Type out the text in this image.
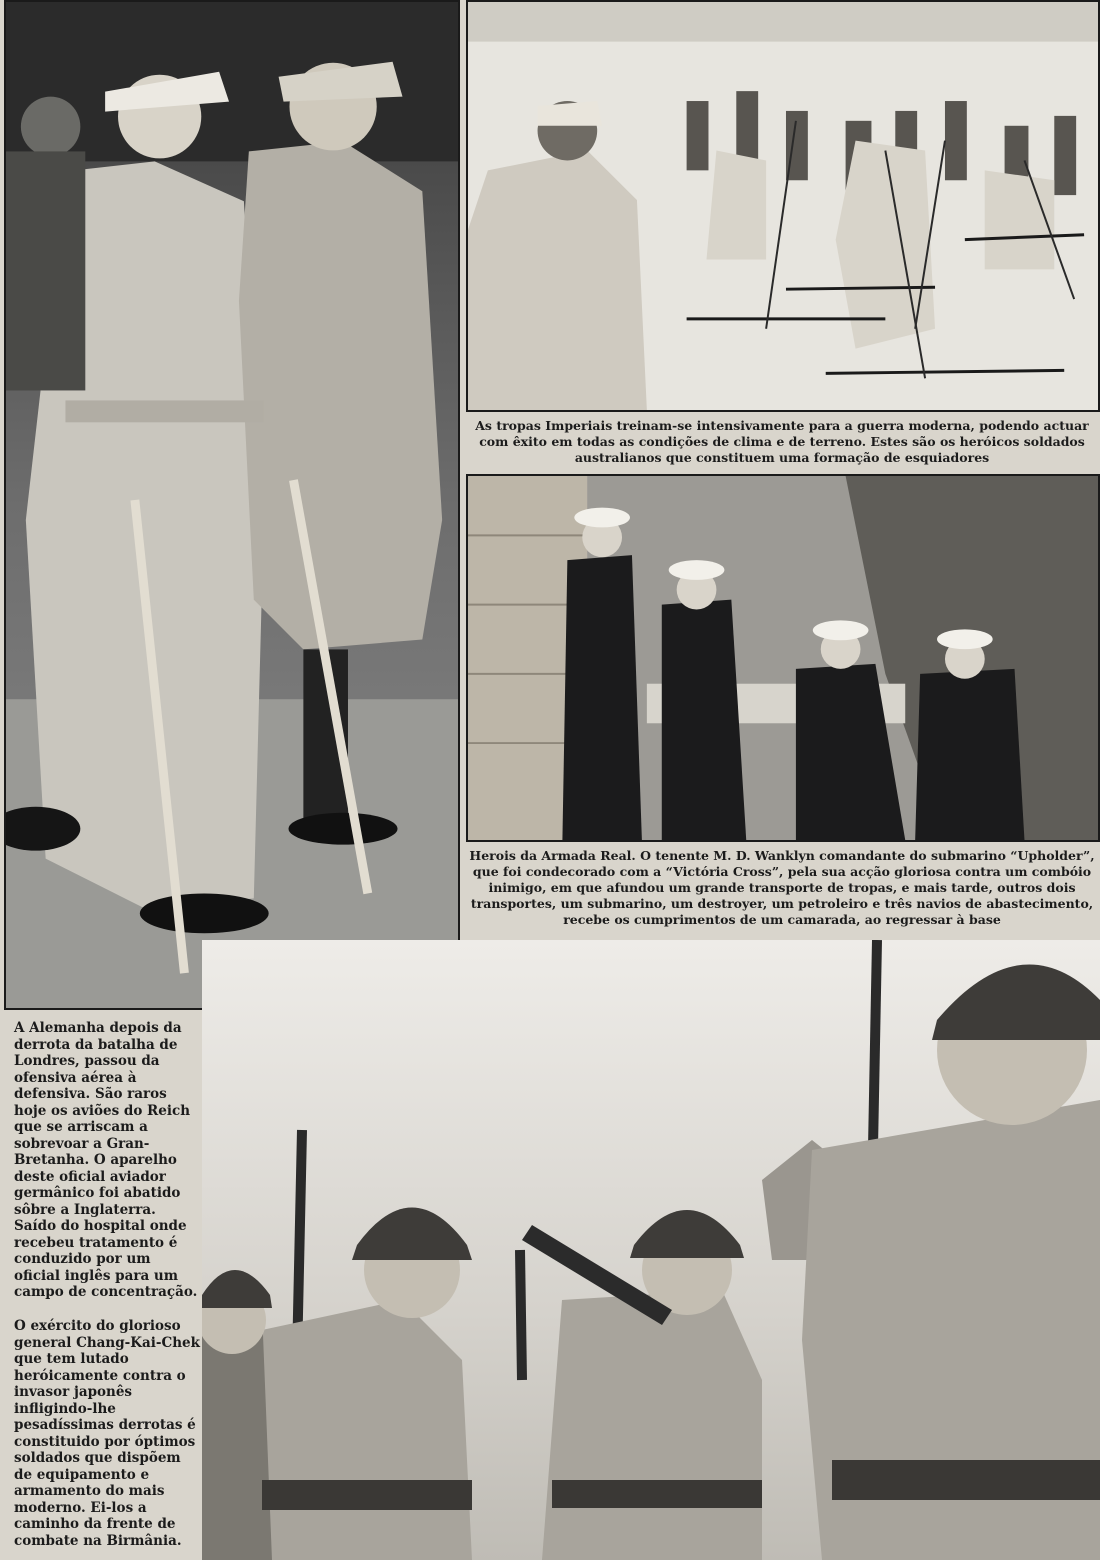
As tropas Imperiais treinam-se intensivamente para a guerra moderna, podendo actuar com êxito em todas as condições de clima e de terreno. Estes são os heróicos soldados australianos que constituem uma formação de esquiadores
Herois da Armada Real. O tenente M. D. Wanklyn comandante do submarino “Upholder”, que foi condecorado com a “Victória Cross”, pela sua acção gloriosa contra um combóio inimigo, em que afundou um grande transporte de tropas, e mais tarde, outros dois transportes, um submarino, um destroyer, um petroleiro e três navios de abastecimento, recebe os cumprimentos de um camarada, ao regressar à base
A Alemanha depois da derrota da batalha de Londres, passou da ofensiva aérea à defensiva. São raros hoje os aviões do Reich que se arriscam a sobrevoar a Gran-Bretanha. O aparelho deste oficial aviador germânico foi abatido sôbre a Inglaterra. Saído do hospital onde recebeu tratamento é conduzido por um oficial inglês para um campo de concentração.
O exército do glorioso general Chang-Kai-Chek que tem lutado heróicamente contra o invasor japonês infligindo-lhe pesadíssimas derrotas é constituido por óptimos soldados que dispõem de equipamento e armamento do mais moderno. Ei-los a caminho da frente de combate na Birmânia.
